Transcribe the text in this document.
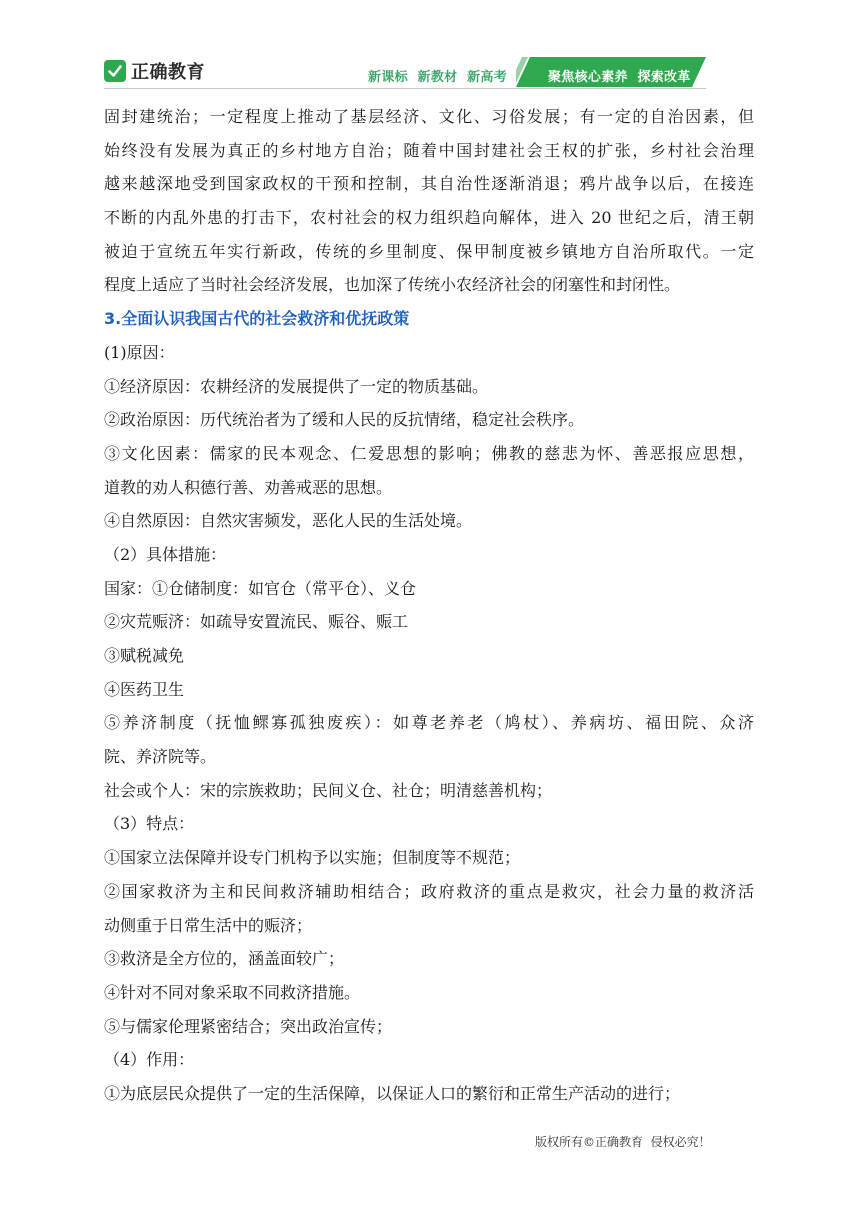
正确教育	新课标  新教材  新高考	聚焦核心素养  探索改革
固封建统治；一定程度上推动了基层经济、文化、习俗发展；有一定的自治因素，但
始终没有发展为真正的乡村地方自治；随着中国封建社会王权的扩张，乡村社会治理
越来越深地受到国家政权的干预和控制，其自治性逐渐消退；鸦片战争以后，在接连
不断的内乱外患的打击下，农村社会的权力组织趋向解体，进入 20 世纪之后，清王朝
被迫于宣统五年实行新政，传统的乡里制度、保甲制度被乡镇地方自治所取代。一定
程度上适应了当时社会经济发展，也加深了传统小农经济社会的闭塞性和封闭性。
3.全面认识我国古代的社会救济和优抚政策
(1)原因：
①经济原因：农耕经济的发展提供了一定的物质基础。
②政治原因：历代统治者为了缓和人民的反抗情绪，稳定社会秩序。
③文化因素：儒家的民本观念、仁爱思想的影响；佛教的慈悲为怀、善恶报应思想，
道教的劝人积德行善、劝善戒恶的思想。
④自然原因：自然灾害频发，恶化人民的生活处境。
（2）具体措施：
国家：①仓储制度：如官仓（常平仓）、义仓
②灾荒赈济：如疏导安置流民、赈谷、赈工
③赋税减免
④医药卫生
⑤养济制度（抚恤鳏寡孤独废疾）：如尊老养老（鸠杖）、养病坊、福田院、众济
院、养济院等。
社会或个人：宋的宗族救助；民间义仓、社仓；明清慈善机构；
（3）特点：
①国家立法保障并设专门机构予以实施；但制度等不规范；
②国家救济为主和民间救济辅助相结合；政府救济的重点是救灾，社会力量的救济活
动侧重于日常生活中的赈济；
③救济是全方位的，涵盖面较广；
④针对不同对象采取不同救济措施。
⑤与儒家伦理紧密结合；突出政治宣传；
（4）作用：
①为底层民众提供了一定的生活保障，以保证人口的繁衍和正常生产活动的进行；
版权所有©正确教育  侵权必究！
